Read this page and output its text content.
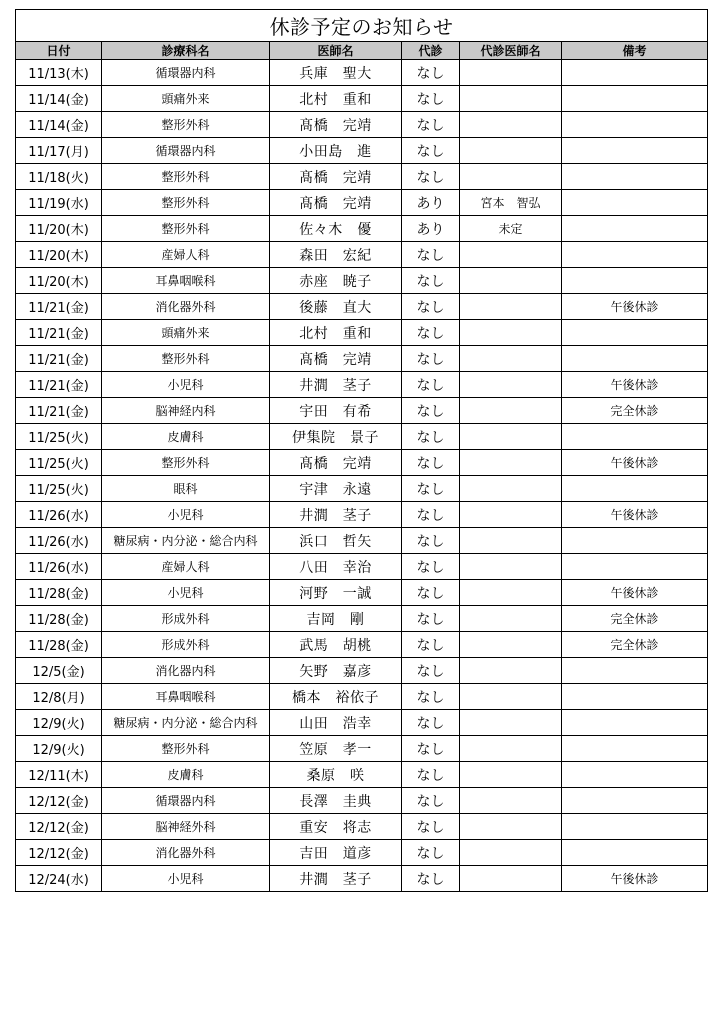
休診予定のお知らせ					
日付	診療科名	医師名	代診	代診医師名	備考
11/13(木)	循環器内科	兵庫　聖大	なし		
11/14(金)	頭痛外来	北村　重和	なし		
11/14(金)	整形外科	髙橋　完靖	なし		
11/17(月)	循環器内科	小田島　進	なし		
11/18(火)	整形外科	髙橋　完靖	なし		
11/19(水)	整形外科	髙橋　完靖	あり	宮本　智弘	
11/20(木)	整形外科	佐々木　優	あり	未定	
11/20(木)	産婦人科	森田　宏紀	なし		
11/20(木)	耳鼻咽喉科	赤座　暁子	なし		
11/21(金)	消化器外科	後藤　直大	なし		午後休診
11/21(金)	頭痛外来	北村　重和	なし		
11/21(金)	整形外科	髙橋　完靖	なし		
11/21(金)	小児科	井澗　茎子	なし		午後休診
11/21(金)	脳神経内科	宇田　有希	なし		完全休診
11/25(火)	皮膚科	伊集院　景子	なし		
11/25(火)	整形外科	髙橋　完靖	なし		午後休診
11/25(火)	眼科	宇津　永遠	なし		
11/26(水)	小児科	井澗　茎子	なし		午後休診
11/26(水)	糖尿病・内分泌・総合内科	浜口　哲矢	なし		
11/26(水)	産婦人科	八田　幸治	なし		
11/28(金)	小児科	河野　一誠	なし		午後休診
11/28(金)	形成外科	吉岡　剛	なし		完全休診
11/28(金)	形成外科	武馬　胡桃	なし		完全休診
12/5(金)	消化器内科	矢野　嘉彦	なし		
12/8(月)	耳鼻咽喉科	橋本　裕依子	なし		
12/9(火)	糖尿病・内分泌・総合内科	山田　浩幸	なし		
12/9(火)	整形外科	笠原　孝一	なし		
12/11(木)	皮膚科	桑原　咲	なし		
12/12(金)	循環器内科	長澤　圭典	なし		
12/12(金)	脳神経外科	重安　将志	なし		
12/12(金)	消化器外科	吉田　道彦	なし		
12/24(水)	小児科	井澗　茎子	なし		午後休診
